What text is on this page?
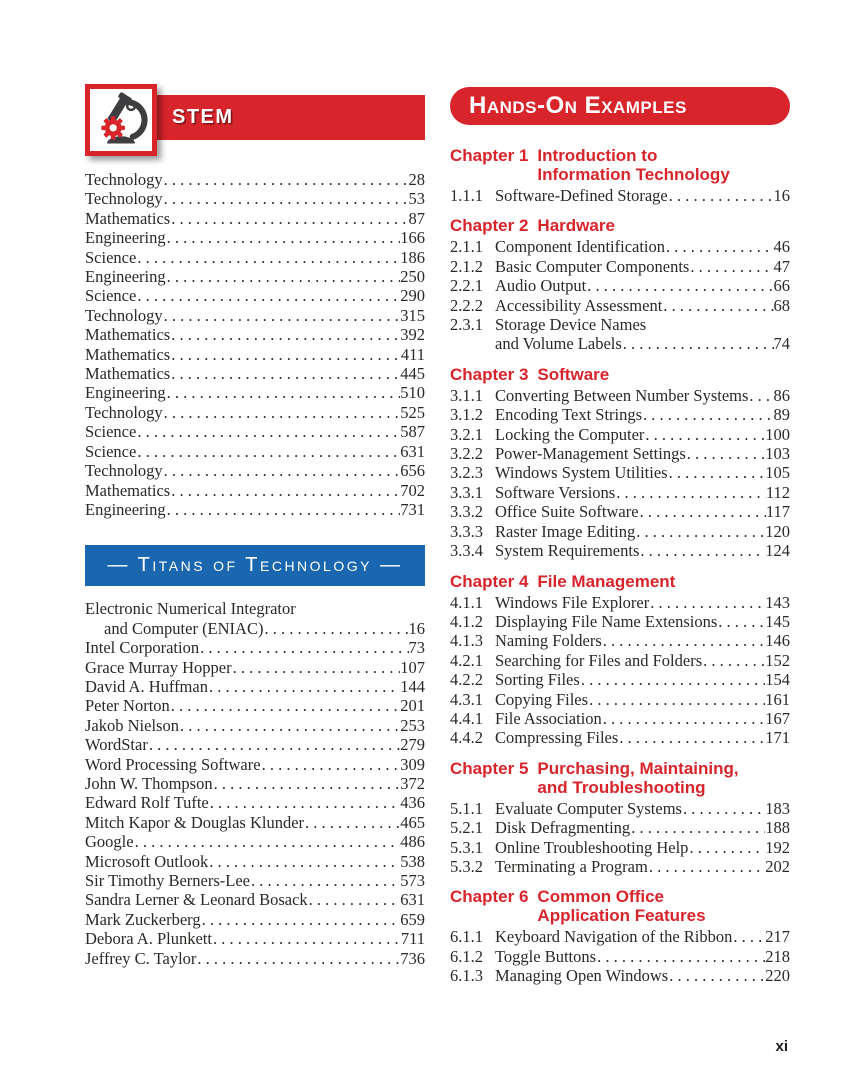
STEM
Technology . . .	28
Technology . . .	53
Mathematics . . .	87
Engineering . . .	166
Science . . .	186
Engineering . . .	250
Science . . .	290
Technology . . .	315
Mathematics . . .	392
Mathematics . . .	411
Mathematics . . .	445
Engineering . . .	510
Technology . . .	525
Science . . .	587
Science . . .	631
Technology . . .	656
Mathematics . . .	702
Engineering . . .	731
— Titans of Technology —
Electronic Numerical Integrator
and Computer (ENIAC) . . .	16
Intel Corporation . . .	73
Grace Murray Hopper . . .	107
David A. Huffman . . .	144
Peter Norton . . .	201
Jakob Nielson . . .	253
WordStar . . .	279
Word Processing Software . . .	309
John W. Thompson . . .	372
Edward Rolf Tufte . . .	436
Mitch Kapor & Douglas Klunder . . .	465
Google . . .	486
Microsoft Outlook . . .	538
Sir Timothy Berners-Lee . . .	573
Sandra Lerner & Leonard Bosack . . .	631
Mark Zuckerberg . . .	659
Debora A. Plunkett . . .	711
Jeffrey C. Taylor . . .	736
Hands-On Examples
Chapter 1 Introduction to
Information Technology
1.1.1 Software-Defined Storage . . .	16
Chapter 2 Hardware
2.1.1 Component Identification . . .	46
2.1.2 Basic Computer Components . . .	47
2.2.1 Audio Output . . .	66
2.2.2 Accessibility Assessment . . .	68
2.3.1 Storage Device Names
and Volume Labels . . .	74
Chapter 3 Software
3.1.1 Converting Between Number Systems . . . 86
3.1.2 Encoding Text Strings . . .	89
3.2.1 Locking the Computer . . .	100
3.2.2 Power-Management Settings . . .	103
3.2.3 Windows System Utilities . . .	105
3.3.1 Software Versions . . .	112
3.3.2 Office Suite Software . . .	117
3.3.3 Raster Image Editing . . .	120
3.3.4 System Requirements . . .	124
Chapter 4 File Management
4.1.1 Windows File Explorer . . .	143
4.1.2 Displaying File Name Extensions . . .	145
4.1.3 Naming Folders . . .	146
4.2.1 Searching for Files and Folders . . .	152
4.2.2 Sorting Files . . .	154
4.3.1 Copying Files . . .	161
4.4.1 File Association . . .	167
4.4.2 Compressing Files . . .	171
Chapter 5 Purchasing, Maintaining,
and Troubleshooting
5.1.1 Evaluate Computer Systems . . .	183
5.2.1 Disk Defragmenting . . .	188
5.3.1 Online Troubleshooting Help . . .	192
5.3.2 Terminating a Program . . .	202
Chapter 6 Common Office
Application Features
6.1.1 Keyboard Navigation of the Ribbon . . . 217
6.1.2 Toggle Buttons . . .	218
6.1.3 Managing Open Windows . . .	220
xi
